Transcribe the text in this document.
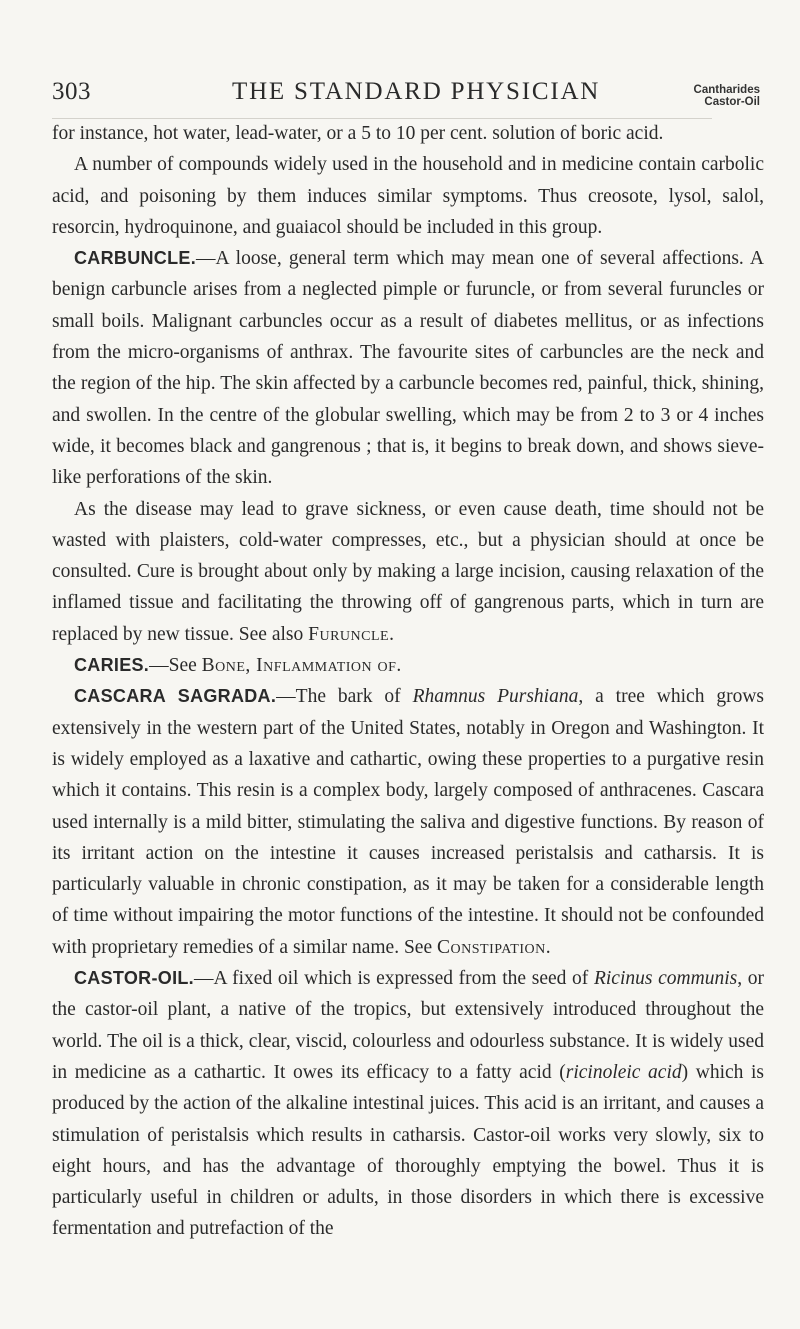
303	THE STANDARD PHYSICIAN	Cantharides
Castor-Oil

for instance, hot water, lead-water, or a 5 to 10 per cent. solution of boric acid.

A number of compounds widely used in the household and in medicine contain carbolic acid, and poisoning by them induces similar symptoms. Thus creosote, lysol, salol, resorcin, hydroquinone, and guaiacol should be included in this group.

CARBUNCLE.—A loose, general term which may mean one of several affections. A benign carbuncle arises from a neglected pimple or furuncle, or from several furuncles or small boils. Malignant carbuncles occur as a result of diabetes mellitus, or as infections from the micro-organisms of anthrax. The favourite sites of carbuncles are the neck and the region of the hip. The skin affected by a carbuncle becomes red, painful, thick, shining, and swollen. In the centre of the globular swelling, which may be from 2 to 3 or 4 inches wide, it becomes black and gangrenous ; that is, it begins to break down, and shows sieve-like perforations of the skin.

As the disease may lead to grave sickness, or even cause death, time should not be wasted with plaisters, cold-water compresses, etc., but a physician should at once be consulted. Cure is brought about only by making a large incision, causing relaxation of the inflamed tissue and facilitating the throwing off of gangrenous parts, which in turn are replaced by new tissue. See also Furuncle.

CARIES.—See Bone, Inflammation of.

CASCARA SAGRADA.—The bark of Rhamnus Purshiana, a tree which grows extensively in the western part of the United States, notably in Oregon and Washington. It is widely employed as a laxative and cathartic, owing these properties to a purgative resin which it contains. This resin is a complex body, largely composed of anthracenes. Cascara used internally is a mild bitter, stimulating the saliva and digestive functions. By reason of its irritant action on the intestine it causes increased peristalsis and catharsis. It is particularly valuable in chronic constipation, as it may be taken for a considerable length of time without impairing the motor functions of the intestine. It should not be confounded with proprietary remedies of a similar name. See Constipation.

CASTOR-OIL.—A fixed oil which is expressed from the seed of Ricinus communis, or the castor-oil plant, a native of the tropics, but extensively introduced throughout the world. The oil is a thick, clear, viscid, colourless and odourless substance. It is widely used in medicine as a cathartic. It owes its efficacy to a fatty acid (ricinoleic acid) which is produced by the action of the alkaline intestinal juices. This acid is an irritant, and causes a stimulation of peristalsis which results in catharsis. Castor-oil works very slowly, six to eight hours, and has the advantage of thoroughly emptying the bowel. Thus it is particularly useful in children or adults, in those disorders in which there is excessive fermentation and putrefaction of the
